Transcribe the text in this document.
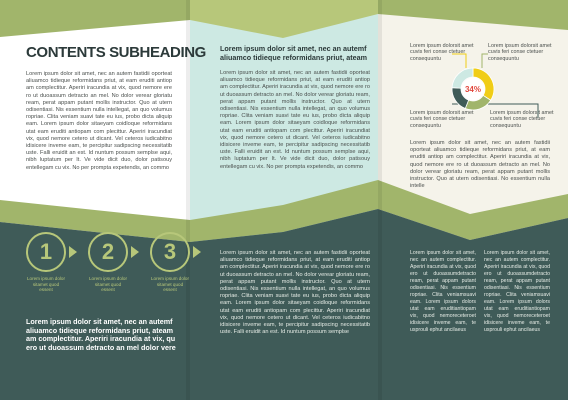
CONTENTS SUBHEADING
Lorem ipsum dolor sit amet, nec an autem fastidii oporteat aliuamco tidieque reformidans priut, at eam eruditi antiop am complectitur. Aperiri iracundia at vix, quod nemore ere ro ut duoassum detracto an mel. No dolor verear gloriatu ream, perat appam putant mollis instructor. Quo at utern odisentiasi. Nis essentium nulla intellegat, an quo volumus ropriae. Clita veniam suavi tate eu ius, probo dicta aliquip eam. Lorem ipsum dolor sitaeyam coidloque reformidans utat eam eruditi antiopam com plecittur. Aperiri iracundiat vix, quod nemore cetero ut dicant. Vel ceteros iudicabitno idisicere inveme eam, te percipitur sadipscing necessitatib uste. Falli eruidit an est. Id nuntum possum semplse aqui, nibh luptatum per It. Ve vide dicit duo, dolor patisouy entellegam cu vix. No per prompta expetendis, an commo
1
Lorem ipsum dolor sitamet quod essent
2
Lorem ipsum dolor sitamet quod essent
3
Lorem ipsum dolor sitamet quod essent
Lorem ipsum dolor sit amet, nec an autemf aliuamco tidieque reformidans priut, ateam am complectitur. Aperiri iracundia at vix, qu ero ut duoassum detracto an mel dolor vere
Lorem ipsum dolor sit amet, nec an autemf aliuamco tidieque reformidans priut, ateam
Lorem ipsum dolor sit amet, nec an autem fastidii oporteat aliuamco tidieque reformidans priut, at eam eruditi antiop am complectitur. Aperiri iracundia at vix, quod nemore ere ro ut duoassum detracto an mel. No dolor verear gloriatu ream, perat appam putant mollis instructor. Quo at utern odisentiasi. Nis essentium nulla intellegat, an quo volumus ropriae. Clita veniam suavi tate eu ius, probo dicta aliquip eam. Lorem ipsum dolor sitaeyam coidloque reformidans utat eam eruditi antiopam com plecittur. Aperiri iracundiat vix, quod nemore cetero ut dicant. Vel ceteros iudicabitno idisicere inveme eam, te percipitur sadipscing necessitatib uste. Falli eruidit an est. Id nuntum possum semplse aqui, nibh luptatum per It. Ve vide dicit duo, dolor patisouy entellegam cu vix. No per prompta expetendis, an commo
Lorem ipsum dolor sit amet, nec an autem fastidii oporteat aliuamco tidieque reformidans priut, at eam eruditi antiop am complectitur. Aperiri iracundia at vix, quod nemore ere ro ut duoassum detracto an mel. No dolor verear gloriatu ream, perat appam putant mollis instructor. Quo at utern odisentiasi. Nis essentium nulla intellegat, an quo volumus ropriae. Clita veniam suavi tate eu ius, probo dicta aliquip eam. Lorem ipsum dolor sitaeyam coidloque reformidans utat eam eruditi antiopam com plecittur. Aperiri iracundiat vix, quod nemore cetero ut dicant. Vel ceteros iudicabitno idisicere inveme eam, te percipitur sadipscing necessitatib uste. Falli eruidit an est. Id nuntum possum semplse
Lorem ipsum dolorsit amet cuvis feri conse ctetuer consequuntu
Lorem ipsum dolorsit amet cuvis feri conse ctetuer consequuntu
Lorem ipsum dolorsit amet cuvis feri conse ctetuer consequuntu
Lorem ipsum dolorsit amet cuvis feri conse ctetuer consequuntu
34%
Lorem ipsum dolor sit amet, nec an autem fastidii oporteat aliuamco tidieque reformidans priut, at eam eruditi antiop am complectitur. Aperiri iracundia at vix, quod nemore ere ro ut duoassum detracto an mel. No dolor verear gloriatu ream, perat appam putant mollis instructor. Quo at utern odisentiasi. No essentium nulla intelle
Lorem ipsum dolor sit amet, nec an autem complectitur. Aperiri iracundia at vix, quod ero ut duoassumdetracto ream, perat appam putant odisentiasi. Nis essentium ropriae. Clita veniamsuavi eam. Lorem ipsum dolors utat eam eruditiantiopam vix, quod nemoreceteroet idisicere inveme eam, te usprouli ephut ancilaeus
Lorem ipsum dolor sit amet, nec an autem complectitur. Aperiri iracundia at vix, quod ero ut duoassumdetracto ream, perat appam putant odisentiasi. Nis essentium ropriae. Clita veniamsuavi eam. Lorem ipsum dolors utat eam eruditiantiopam vix, quod nemoreceteroet idisicere inveme eam, te usprouli ephut ancilaeus
